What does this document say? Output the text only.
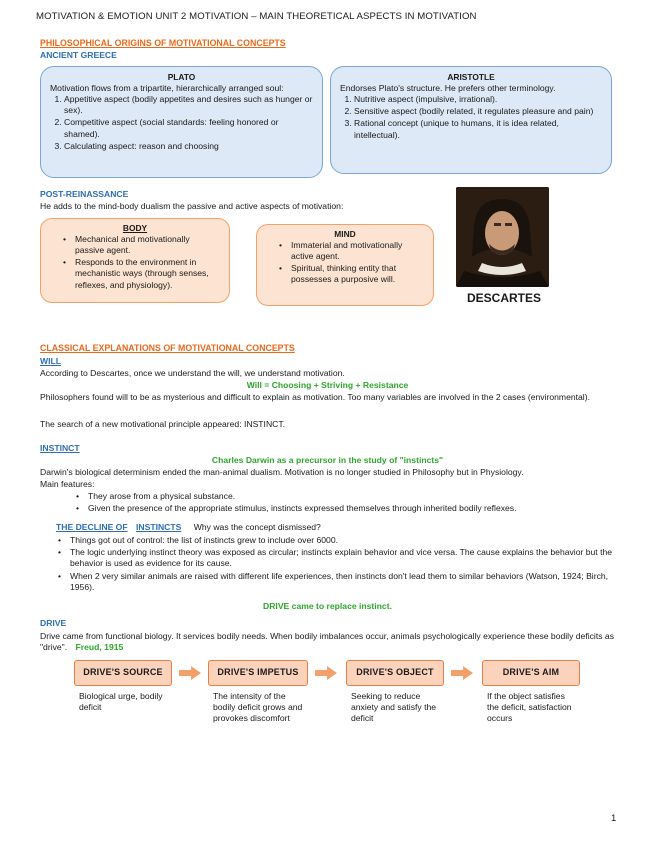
MOTIVATION & EMOTION UNIT 2 MOTIVATION – MAIN THEORETICAL ASPECTS IN MOTIVATION
PHILOSOPHICAL ORIGINS OF MOTIVATIONAL CONCEPTS
ANCIENT GREECE
PLATO
Motivation flows from a tripartite, hierarchically arranged soul:
1. Appetitive aspect (bodily appetites and desires such as hunger or sex).
2. Competitive aspect (social standards: feeling honored or shamed).
3. Calculating aspect: reason and choosing
ARISTOTLE
Endorses Plato's structure. He prefers other terminology.
1. Nutritive aspect (impulsive, irrational).
2. Sensitive aspect (bodily related, it regulates pleasure and pain)
3. Rational concept (unique to humans, it is idea related, intellectual).
POST-REINASSANCE
He adds to the mind-body dualism the passive and active aspects of motivation:
BODY
• Mechanical and motivationally passive agent.
• Responds to the environment in mechanistic ways (through senses, reflexes, and physiology).
MIND
• Immaterial and motivationally active agent.
• Spiritual, thinking entity that possesses a purposive will.
DESCARTES
CLASSICAL EXPLANATIONS OF MOTIVATIONAL CONCEPTS
WILL
According to Descartes, once we understand the will, we understand motivation.
Will = Choosing + Striving + Resistance
Philosophers found will to be as mysterious and difficult to explain as motivation. Too many variables are involved in the 2 cases (environmental).
The search of a new motivational principle appeared: INSTINCT.
INSTINCT
Charles Darwin as a precursor in the study of "instincts"
Darwin's biological determinism ended the man-animal dualism. Motivation is no longer studied in Philosophy but in Physiology.
Main features:
• They arose from a physical substance.
• Given the presence of the appropriate stimulus, instincts expressed themselves through inherited bodily reflexes.
THE DECLINE OF INSTINCTS Why was the concept dismissed?
• Things got out of control: the list of instincts grew to include over 6000.
• The logic underlying instinct theory was exposed as circular; instincts explain behavior and vice versa. The cause explains the behavior but the behavior is used as evidence for its cause.
• When 2 very similar animals are raised with different life experiences, then instincts don't lead them to similar behaviors (Watson, 1924; Birch, 1956).
DRIVE came to replace instinct.
DRIVE
Drive came from functional biology. It services bodily needs. When bodily imbalances occur, animals psychologically experience these bodily deficits as "drive". Freud, 1915
DRIVE'S SOURCE	DRIVE'S IMPETUS	DRIVE'S OBJECT	DRIVE'S AIM
Biological urge, bodily deficit
The intensity of the bodily deficit grows and provokes discomfort
Seeking to reduce anxiety and satisfy the deficit
If the object satisfies the deficit, satisfaction occurs
1
